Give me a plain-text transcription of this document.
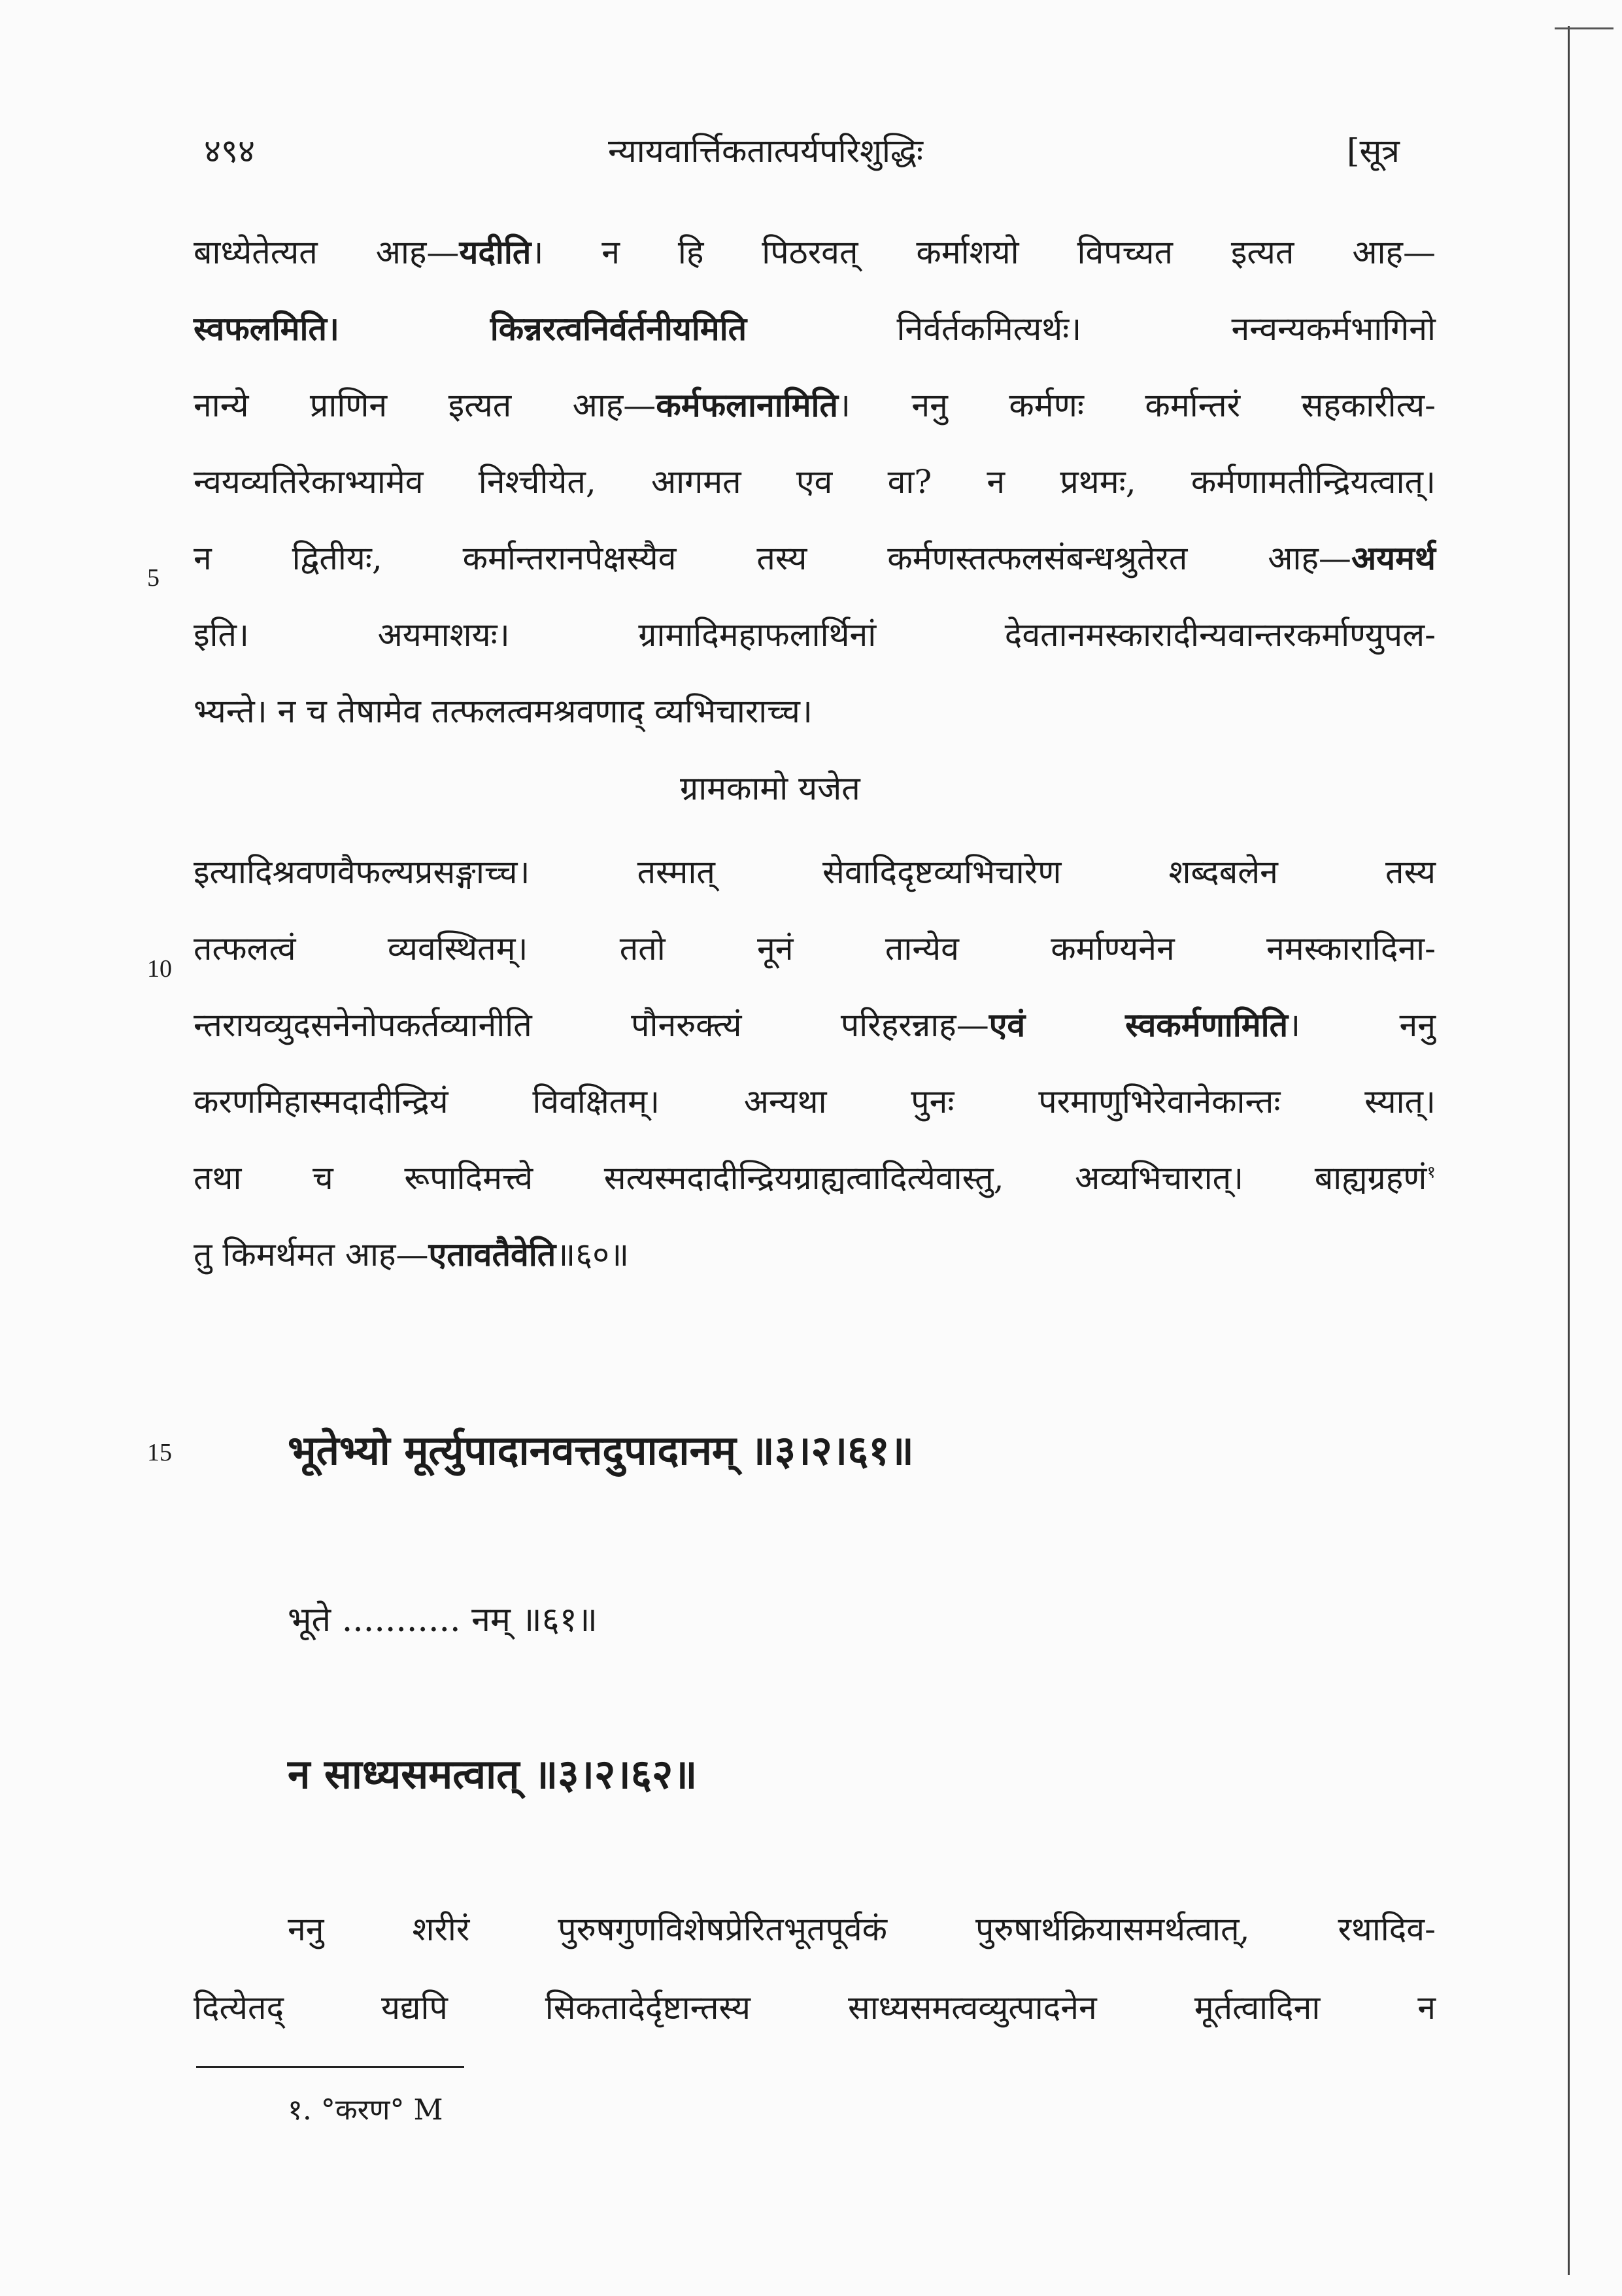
४९४	न्यायवार्त्तिकतात्पर्यपरिशुद्धिः	[सूत्र
बाध्येतेत्यत आह—यदीति। न हि पिठरवत् कर्माशयो विपच्यत इत्यत आह—
स्वफलमिति। किन्नरत्वनिर्वर्तनीयमिति निर्वर्तकमित्यर्थः। नन्वन्यकर्मभागिनो
नान्ये प्राणिन इत्यत आह—कर्मफलानामिति। ननु कर्मणः कर्मान्तरं सहकारीत्य-
न्वयव्यतिरेकाभ्यामेव निश्चीयेत, आगमत एव वा? न प्रथमः, कर्मणामतीन्द्रियत्वात्।
न द्वितीयः, कर्मान्तरानपेक्षस्यैव तस्य कर्मणस्तत्फलसंबन्धश्रुतेरत आह—अयमर्थ
इति। अयमाशयः। ग्रामादिमहाफलार्थिनां देवतानमस्कारादीन्यवान्तरकर्माण्युपल-
भ्यन्ते। न च तेषामेव तत्फलत्वमश्रवणाद् व्यभिचाराच्च।
ग्रामकामो यजेत
इत्यादिश्रवणवैफल्यप्रसङ्गाच्च। तस्मात् सेवादिदृष्टव्यभिचारेण शब्दबलेन तस्य
तत्फलत्वं व्यवस्थितम्। ततो नूनं तान्येव कर्माण्यनेन नमस्कारादिना-
न्तरायव्युदसनेनोपकर्तव्यानीति पौनरुक्त्यं परिहरन्नाह—एवं स्वकर्मणामिति। ननु
करणमिहास्मदादीन्द्रियं विवक्षितम्। अन्यथा पुनः परमाणुभिरेवानेकान्तः स्यात्।
तथा च रूपादिमत्त्वे सत्यस्मदादीन्द्रियग्राह्यत्वादित्येवास्तु, अव्यभिचारात्। बाह्यग्रहणं$^१$
तु किमर्थमत आह—एतावतैवेति॥६०॥
5
10
15	भूतेभ्यो मूर्त्युपादानवत्तदुपादानम् ॥३।२।६१॥
भूते ........... नम् ॥६१॥
न साध्यसमत्वात् ॥३।२।६२॥
ननु शरीरं पुरुषगुणविशेषप्रेरितभूतपूर्वकं पुरुषार्थक्रियासमर्थत्वात्, रथादिव-
दित्येतद् यद्यपि सिकतादेर्दृष्टान्तस्य साध्यसमत्वव्युत्पादनेन मूर्तत्वादिना न
१. °करण° M
